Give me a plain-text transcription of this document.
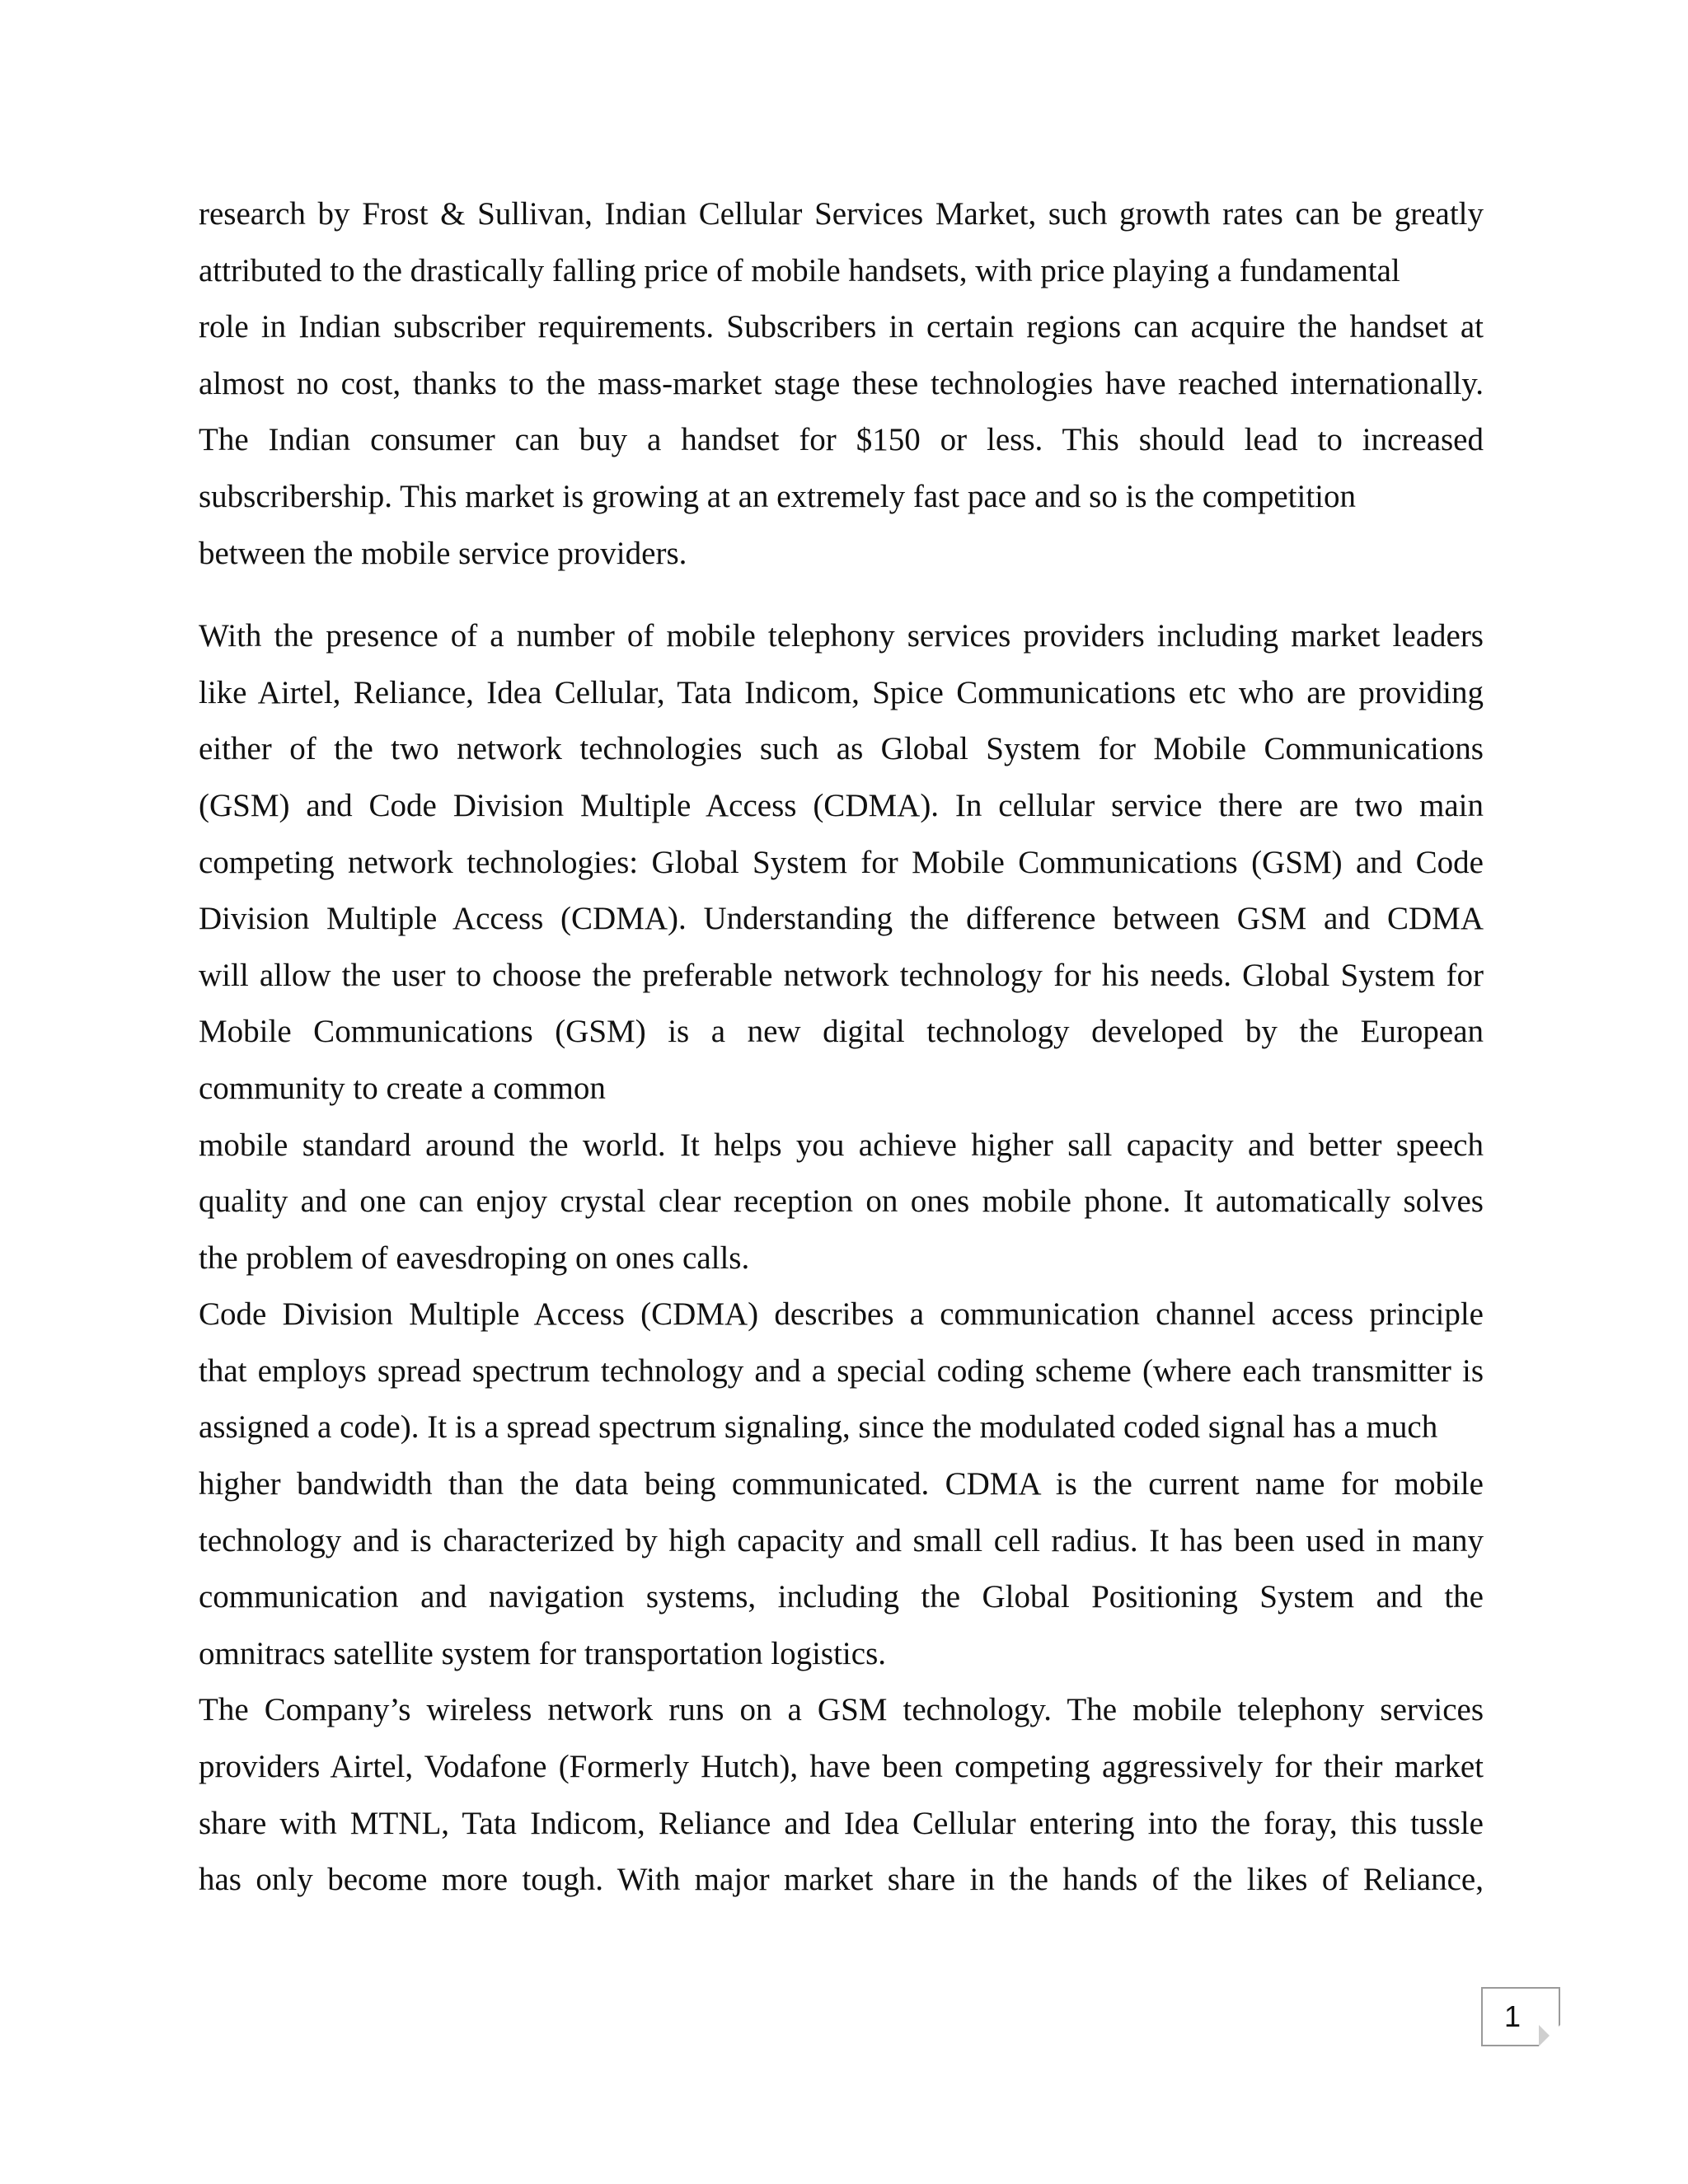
research by Frost & Sullivan, Indian Cellular Services Market, such growth rates can be greatly
attributed to the drastically falling price of mobile handsets, with price playing a fundamental
role in Indian subscriber requirements. Subscribers in certain regions can acquire the handset at
almost no cost, thanks to the mass-market stage these technologies have reached internationally.
The Indian consumer can buy a handset for $150 or less. This should lead to increased
subscribership. This market is growing at an extremely fast pace and so is the competition
between the mobile service providers.
With the presence of a number of mobile telephony services providers including market leaders
like Airtel, Reliance, Idea Cellular, Tata Indicom, Spice Communications etc who are providing
either of the two network technologies such as Global System for Mobile Communications
(GSM) and Code Division Multiple Access (CDMA). In cellular service there are two main
competing network technologies: Global System for Mobile Communications (GSM) and Code
Division Multiple Access (CDMA). Understanding the difference between GSM and CDMA
will allow the user to choose the preferable network technology for his needs. Global System for
Mobile Communications (GSM) is a new digital technology developed by the European
community to create a common
mobile standard around the world. It helps you achieve higher sall capacity and better speech
quality and one can enjoy crystal clear reception on ones mobile phone. It automatically solves
the problem of eavesdroping on ones calls.
Code Division Multiple Access (CDMA) describes a communication channel access principle
that employs spread spectrum technology and a special coding scheme (where each transmitter is
assigned a code). It is a spread spectrum signaling, since the modulated coded signal has a much
higher bandwidth than the data being communicated. CDMA is the current name for mobile
technology and is characterized by high capacity and small cell radius. It has been used in many
communication and navigation systems, including the Global Positioning System and the
omnitracs satellite system for transportation logistics.
The Company’s wireless network runs on a GSM technology. The mobile telephony services
providers Airtel, Vodafone (Formerly Hutch), have been competing aggressively for their market
share with MTNL, Tata Indicom, Reliance and Idea Cellular entering into the foray, this tussle
has only become more tough. With major market share in the hands of the likes of Reliance,
1
